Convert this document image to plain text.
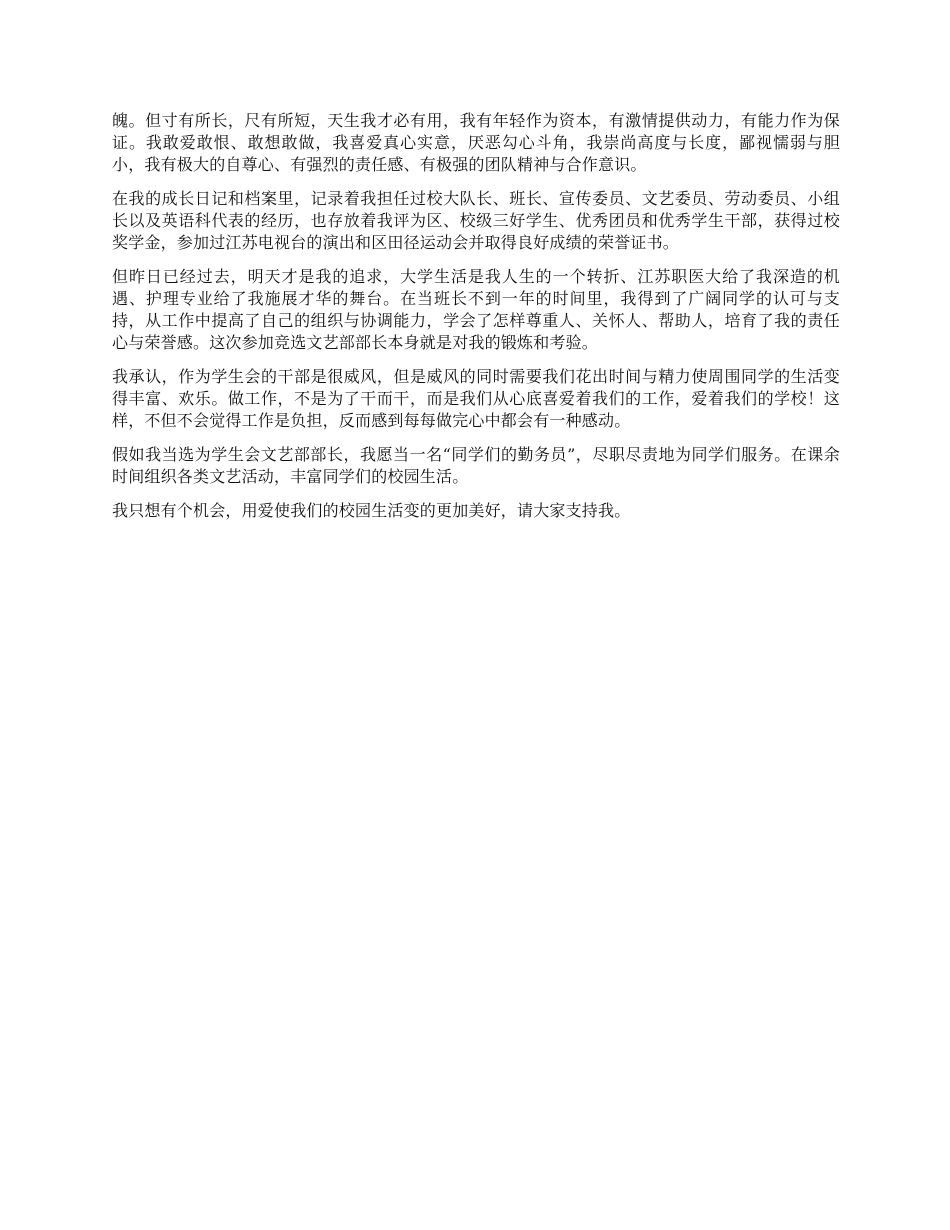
魄。但寸有所长，尺有所短，天生我才必有用，我有年轻作为资本，有激情提供动力，有能力作为保证。我敢爱敢恨、敢想敢做，我喜爱真心实意，厌恶勾心斗角，我崇尚高度与长度，鄙视懦弱与胆小，我有极大的自尊心、有强烈的责任感、有极强的团队精神与合作意识。

在我的成长日记和档案里，记录着我担任过校大队长、班长、宣传委员、文艺委员、劳动委员、小组长以及英语科代表的经历，也存放着我评为区、校级三好学生、优秀团员和优秀学生干部，获得过校奖学金，参加过江苏电视台的演出和区田径运动会并取得良好成绩的荣誉证书。

但昨日已经过去，明天才是我的追求，大学生活是我人生的一个转折、江苏职医大给了我深造的机遇、护理专业给了我施展才华的舞台。在当班长不到一年的时间里，我得到了广阔同学的认可与支持，从工作中提高了自己的组织与协调能力，学会了怎样尊重人、关怀人、帮助人，培育了我的责任心与荣誉感。这次参加竞选文艺部部长本身就是对我的锻炼和考验。

我承认，作为学生会的干部是很威风，但是威风的同时需要我们花出时间与精力使周围同学的生活变得丰富、欢乐。做工作，不是为了干而干，而是我们从心底喜爱着我们的工作，爱着我们的学校！这样，不但不会觉得工作是负担，反而感到每每做完心中都会有一种感动。

假如我当选为学生会文艺部部长，我愿当一名“同学们的勤务员”，尽职尽责地为同学们服务。在课余时间组织各类文艺活动，丰富同学们的校园生活。

我只想有个机会，用爱使我们的校园生活变的更加美好，请大家支持我。
